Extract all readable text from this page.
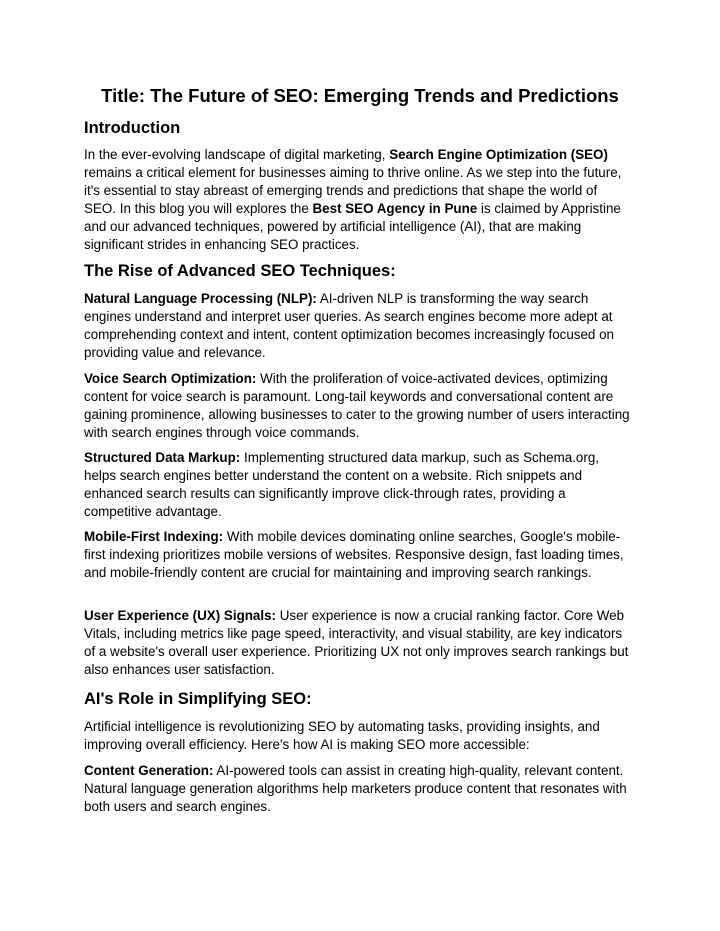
Title: The Future of SEO: Emerging Trends and Predictions
Introduction

In the ever-evolving landscape of digital marketing, Search Engine Optimization (SEO) remains a critical element for businesses aiming to thrive online. As we step into the future, it's essential to stay abreast of emerging trends and predictions that shape the world of SEO. In this blog you will explores the Best SEO Agency in Pune is claimed by Appristine and our advanced techniques, powered by artificial intelligence (AI), that are making significant strides in enhancing SEO practices.

The Rise of Advanced SEO Techniques:

Natural Language Processing (NLP): AI-driven NLP is transforming the way search engines understand and interpret user queries. As search engines become more adept at comprehending context and intent, content optimization becomes increasingly focused on providing value and relevance.

Voice Search Optimization: With the proliferation of voice-activated devices, optimizing content for voice search is paramount. Long-tail keywords and conversational content are gaining prominence, allowing businesses to cater to the growing number of users interacting with search engines through voice commands.

Structured Data Markup: Implementing structured data markup, such as Schema.org, helps search engines better understand the content on a website. Rich snippets and enhanced search results can significantly improve click-through rates, providing a competitive advantage.

Mobile-First Indexing: With mobile devices dominating online searches, Google's mobile-first indexing prioritizes mobile versions of websites. Responsive design, fast loading times, and mobile-friendly content are crucial for maintaining and improving search rankings.

User Experience (UX) Signals: User experience is now a crucial ranking factor. Core Web Vitals, including metrics like page speed, interactivity, and visual stability, are key indicators of a website's overall user experience. Prioritizing UX not only improves search rankings but also enhances user satisfaction.

AI's Role in Simplifying SEO:

Artificial intelligence is revolutionizing SEO by automating tasks, providing insights, and improving overall efficiency. Here's how AI is making SEO more accessible:

Content Generation: AI-powered tools can assist in creating high-quality, relevant content. Natural language generation algorithms help marketers produce content that resonates with both users and search engines.
